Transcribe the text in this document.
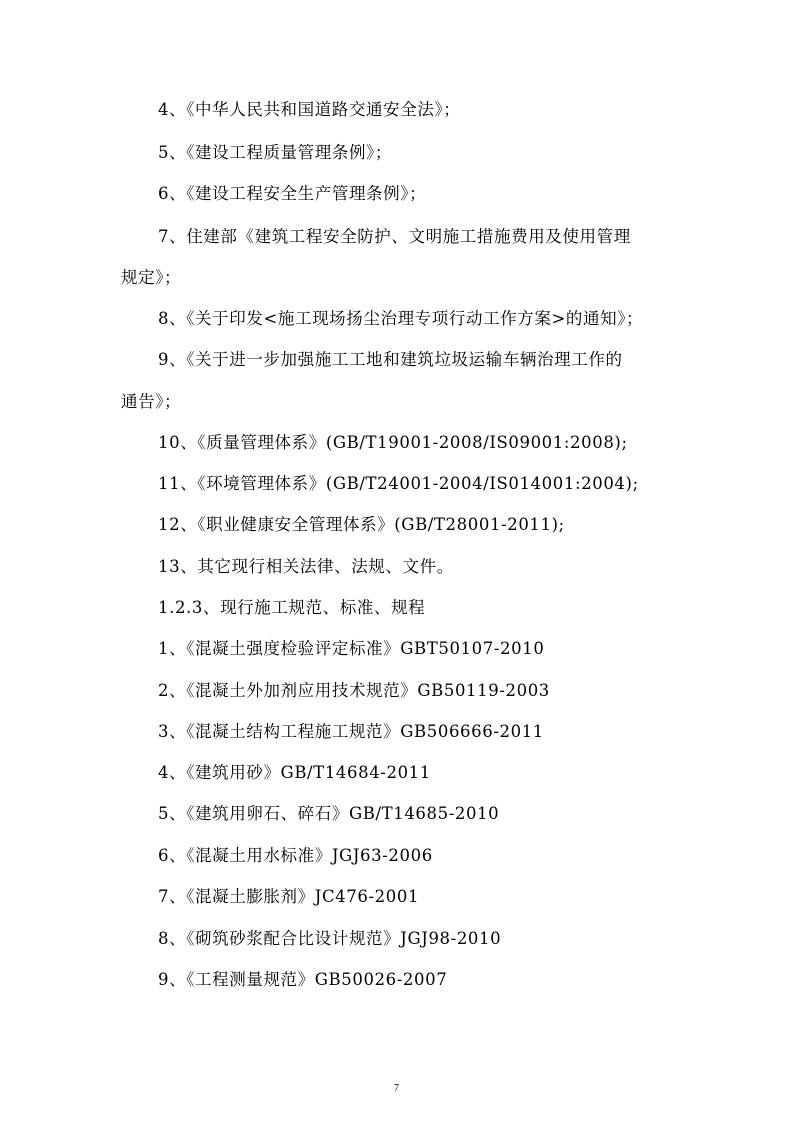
4、《中华人民共和国道路交通安全法》；
5、《建设工程质量管理条例》；
6、《建设工程安全生产管理条例》；
7、住建部《建筑工程安全防护、文明施工措施费用及使用管理
规定》；
8、《关于印发<施工现场扬尘治理专项行动工作方案>的通知》；
9、《关于进一步加强施工工地和建筑垃圾运输车辆治理工作的
通告》；
10、《质量管理体系》(GB/T19001-2008/IS09001:2008);
11、《环境管理体系》(GB/T24001-2004/IS014001:2004);
12、《职业健康安全管理体系》(GB/T28001-2011);
13、其它现行相关法律、法规、文件。
1.2.3、现行施工规范、标准、规程
1、《混凝土强度检验评定标准》GBT50107-2010
2、《混凝土外加剂应用技术规范》GB50119-2003
3、《混凝土结构工程施工规范》GB506666-2011
4、《建筑用砂》GB/T14684-2011
5、《建筑用卵石、碎石》GB/T14685-2010
6、《混凝土用水标准》JGJ63-2006
7、《混凝土膨胀剂》JC476-2001
8、《砌筑砂浆配合比设计规范》JGJ98-2010
9、《工程测量规范》GB50026-2007
7
